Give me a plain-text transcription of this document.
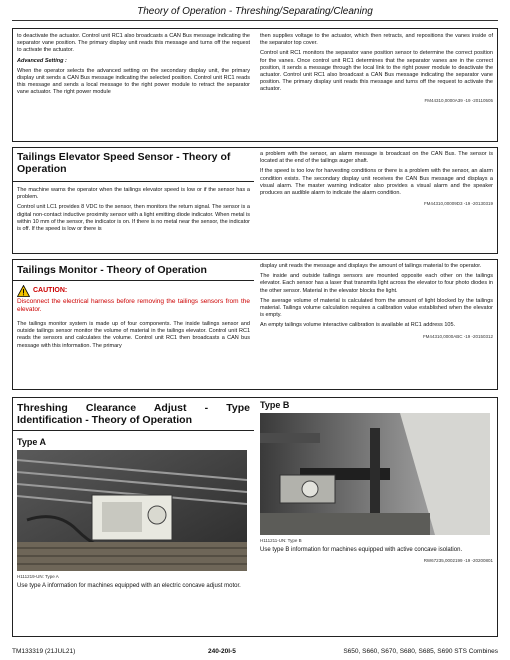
Theory of Operation - Threshing/Separating/Cleaning

to deactivate the actuator. Control unit RC1 also broadcasts a CAN Bus message indicating the separator vane position. The primary display unit reads this message and turns off the request to activate the actuator.

Advanced Setting :

When the operator selects the advanced setting on the secondary display unit, the primary display unit sends a CAN Bus message indicating the selected position. Control unit RC1 reads this message and sends a local message to the right power module to retract the separator vane actuator. The right power module

then supplies voltage to the actuator, which then retracts, and repositions the vanes inside of the separator top cover.

Control unit RC1 monitors the separator vane position sensor to determine the correct position for the vanes. Once control unit RC1 determines that the separator vanes are in the correct position, it sends a message through the local link to the right power module to deactivate the actuator. Control unit RC1 also broadcast a CAN Bus message indicating the separator vane position. The primary display unit reads this message and turns off the request to activate the actuator.

FM44310,0000A39 -19 -20110505
Tailings Elevator Speed Sensor - Theory of Operation

The machine warns the operator when the tailings elevator speed is low or if the sensor has a problem.

Control unit LC1 provides 8 VDC to the sensor, then monitors the return signal. The sensor is a digital non-contact inductive proximity sensor with a light emitting diode indicator. When metal is within 10 mm of the sensor, the indicator is on. If there is no metal near the sensor, the indicator is off. If the speed is low or there is

a problem with the sensor, an alarm message is broadcast on the CAN Bus. The sensor is located at the end of the tailings auger shaft.

If the speed is too low for harvesting conditions or there is a problem with the sensor, an alarm condition exists. The secondary display unit receives the CAN Bus message and displays a visual alarm. The master warning indicator also provides a visual alarm and the speaker produces an audible alarm to indicate the alarm condition.

FM44310,00009D3 -19 -20130319
Tailings Monitor - Theory of Operation
CAUTION:

Disconnect the electrical harness before removing the tailings sensors from the elevator.

The tailings monitor system is made up of four components. The inside tailings sensor and outside tailings sensor monitor the volume of material in the tailings elevator. Control unit RC1 reads the sensors and calculates the volume. Control unit RC1 then broadcasts a CAN bus message with this information. The primary

display unit reads the message and displays the amount of tailings material to the operator.

The inside and outside tailings sensors are mounted opposite each other on the tailings elevator. Each sensor has a laser that transmits light across the elevator to four photo diodes in the other sensor. Material in the elevator blocks the light.

The average volume of material is calculated from the amount of light blocked by the tailings material. Tailings volume calculation requires a calibration value established when the elevator is empty.

An empty tailings volume interactive calibration is available at RC1 address 105.

FM44310,0000ABC -19 -20150312
Threshing Clearance Adjust - Type Identification - Theory of Operation
Type A
H111219-UN: Type A

Use type A information for machines equipped with an electric concave adjust motor.

Type B
H111211-UN: Type B

Use type B information for machines equipped with active concave isolation.

RW67235,0002199 -19 -20200801
TM133319 (21JUL21)	240-20I-5	S650, S660, S670, S680, S685, S690 STS Combines
